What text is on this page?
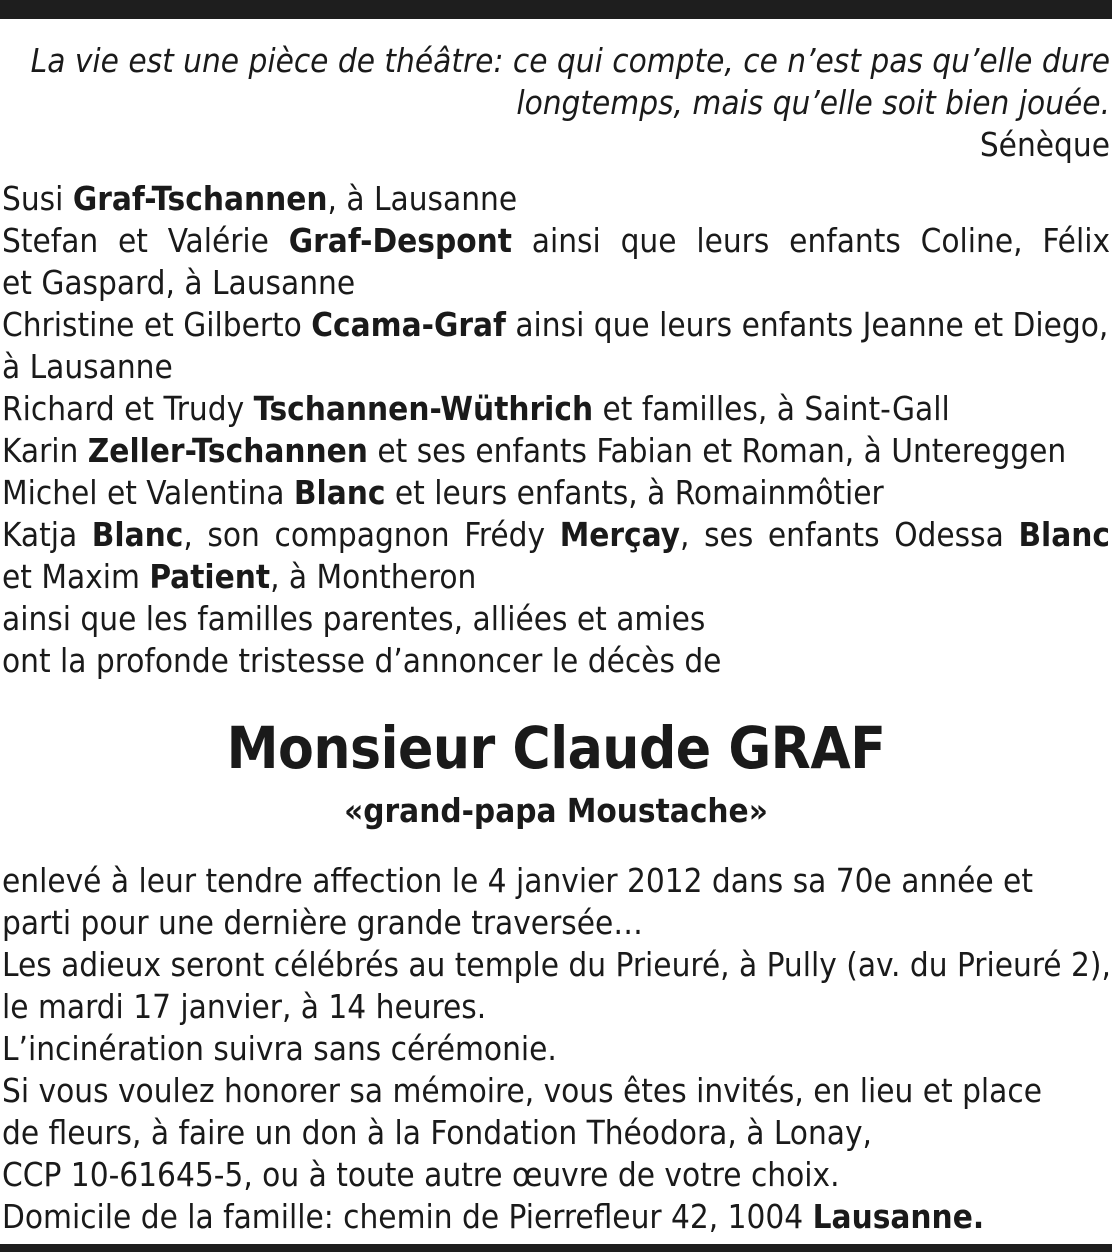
La vie est une pièce de théâtre: ce qui compte, ce n’est pas qu’elle dure
longtemps, mais qu’elle soit bien jouée.
Sénèque
Susi Graf-Tschannen, à Lausanne
Stefan et Valérie Graf-Despont ainsi que leurs enfants Coline, Félix
et Gaspard, à Lausanne
Christine et Gilberto Ccama-Graf ainsi que leurs enfants Jeanne et Diego,
à Lausanne
Richard et Trudy Tschannen-Wüthrich et familles, à Saint-Gall
Karin Zeller-Tschannen et ses enfants Fabian et Roman, à Untereggen
Michel et Valentina Blanc et leurs enfants, à Romainmôtier
Katja Blanc, son compagnon Frédy Merçay, ses enfants Odessa Blanc
et Maxim Patient, à Montheron
ainsi que les familles parentes, alliées et amies
ont la profonde tristesse d’annoncer le décès de
Monsieur Claude GRAF
«grand-papa Moustache»
enlevé à leur tendre affection le 4 janvier 2012 dans sa 70e année et
parti pour une dernière grande traversée…
Les adieux seront célébrés au temple du Prieuré, à Pully (av. du Prieuré 2),
le mardi 17 janvier, à 14 heures.
L’incinération suivra sans cérémonie.
Si vous voulez honorer sa mémoire, vous êtes invités, en lieu et place
de fleurs, à faire un don à la Fondation Théodora, à Lonay,
CCP 10-61645-5, ou à toute autre œuvre de votre choix.
Domicile de la famille: chemin de Pierrefleur 42, 1004 Lausanne.
